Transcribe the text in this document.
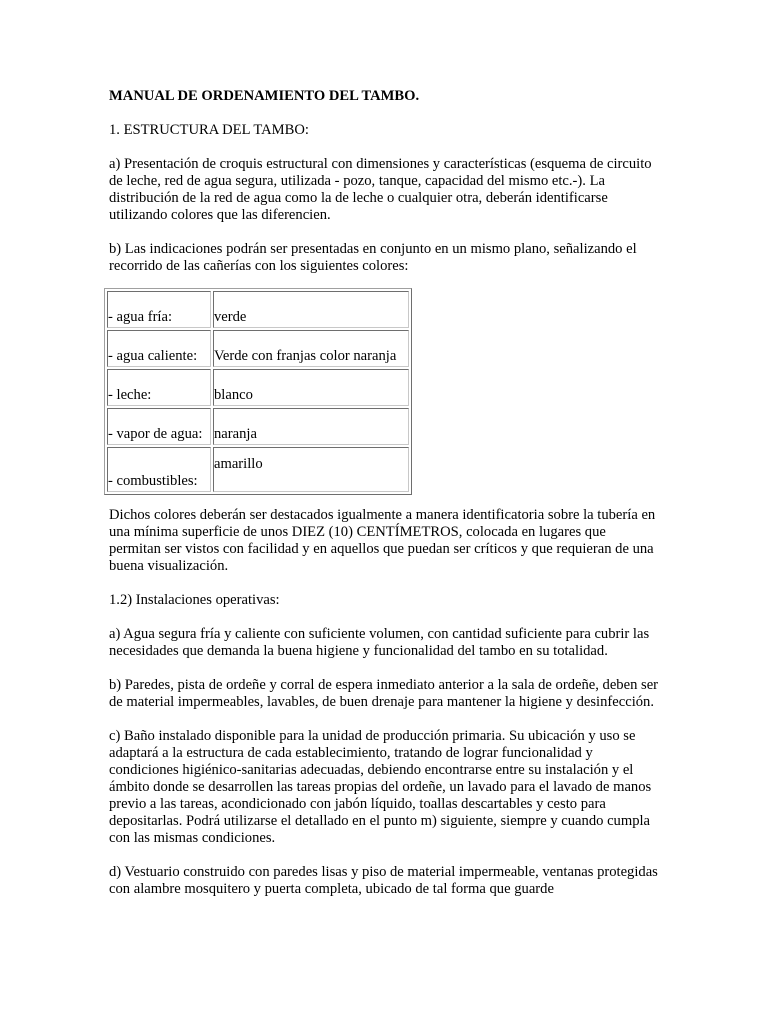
MANUAL DE ORDENAMIENTO DEL TAMBO.

1. ESTRUCTURA DEL TAMBO:

a) Presentación de croquis estructural con dimensiones y características (esquema de circuito de leche, red de agua segura, utilizada - pozo, tanque, capacidad del mismo etc.-). La distribución de la red de agua como la de leche o cualquier otra, deberán identificarse utilizando colores que las diferencien.

b) Las indicaciones podrán ser presentadas en conjunto en un mismo plano, señalizando el recorrido de las cañerías con los siguientes colores:

- agua fría:	verde

- agua caliente:	Verde con franjas color naranja

- leche:	blanco

- vapor de agua:	naranja

- combustibles:	amarillo

Dichos colores deberán ser destacados igualmente a manera identificatoria sobre la tubería en una mínima superficie de unos DIEZ (10) CENTÍMETROS, colocada en lugares que permitan ser vistos con facilidad y en aquellos que puedan ser críticos y que requieran de una buena visualización.

1.2) Instalaciones operativas:

a) Agua segura fría y caliente con suficiente volumen, con cantidad suficiente para cubrir las necesidades que demanda la buena higiene y funcionalidad del tambo en su totalidad.

b) Paredes, pista de ordeñe y corral de espera inmediato anterior a la sala de ordeñe, deben ser de material impermeables, lavables, de buen drenaje para mantener la higiene y desinfección.

c) Baño instalado disponible para la unidad de producción primaria. Su ubicación y uso se adaptará a la estructura de cada establecimiento, tratando de lograr funcionalidad y condiciones higiénico-sanitarias adecuadas, debiendo encontrarse entre su instalación y el ámbito donde se desarrollen las tareas propias del ordeñe, un lavado para el lavado de manos previo a las tareas, acondicionado con jabón líquido, toallas descartables y cesto para depositarlas. Podrá utilizarse el detallado en el punto m) siguiente, siempre y cuando cumpla con las mismas condiciones.

d) Vestuario construido con paredes lisas y piso de material impermeable, ventanas protegidas con alambre mosquitero y puerta completa, ubicado de tal forma que guarde
